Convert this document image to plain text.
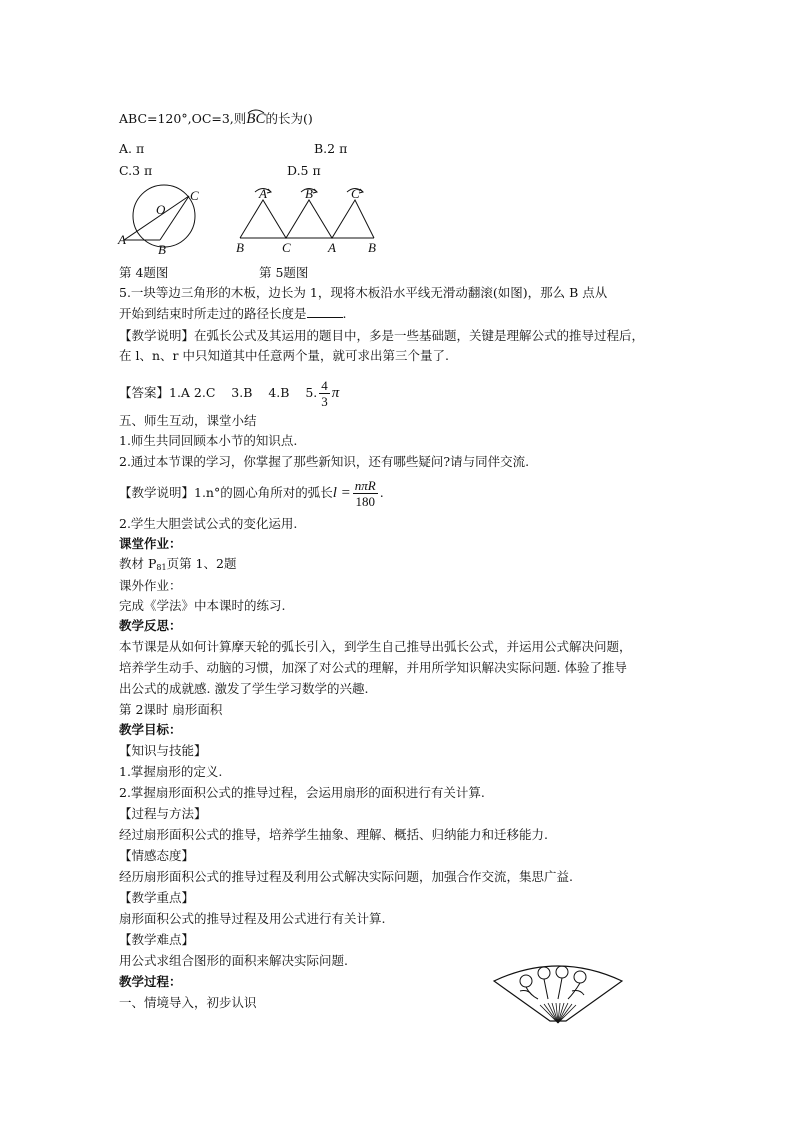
ABC=120°,OC=3,则BC
的长为()
A. π	B.2 π
C.3 π	D.5 π
O
C
A
B
A	B	C
B	C	A B
第 4题图	第 5题图
5.一块等边三角形的木板，边长为 1，现将木板沿水平线无滑动翻滚(如图)，那么 B 点从
开始到结束时所走过的路径长度是	.
【教学说明】在弧长公式及其运用的题目中，多是一些基础题，关键是理解公式的推导过程后，
在 l、n、r 中只知道其中任意两个量，就可求出第三个量了.
【答案】1.A 2.C    3.B    4.B    5. $\frac{4}{3}$ π
五、师生互动，课堂小结
1.师生共同回顾本小节的知识点.
2.通过本节课的学习，你掌握了那些新知识，还有哪些疑问?请与同伴交流.
【教学说明】1.n°的圆心角所对的弧长$l = \frac{\text{nπR}}{180}$ .
2.学生大胆尝试公式的变化运用.
课堂作业：
教材 $P_{81}$页第 1、2题
课外作业：
完成《学法》中本课时的练习.
教学反思：
本节课是从如何计算摩天轮的弧长引入，到学生自己推导出弧长公式，并运用公式解决问题，
培养学生动手、动脑的习惯，加深了对公式的理解，并用所学知识解决实际问题. 体验了推导
出公式的成就感. 激发了学生学习数学的兴趣.
第 2课时 扇形面积
教学目标：
【知识与技能】
1.掌握扇形的定义.
2.掌握扇形面积公式的推导过程，会运用扇形的面积进行有关计算.
【过程与方法】
经过扇形面积公式的推导，培养学生抽象、理解、概括、归纳能力和迁移能力.
【情感态度】
经历扇形面积公式的推导过程及利用公式解决实际问题，加强合作交流，集思广益.
【教学重点】
扇形面积公式的推导过程及用公式进行有关计算.
【教学难点】
用公式求组合图形的面积来解决实际问题.
教学过程：
一、情境导入，初步认识
